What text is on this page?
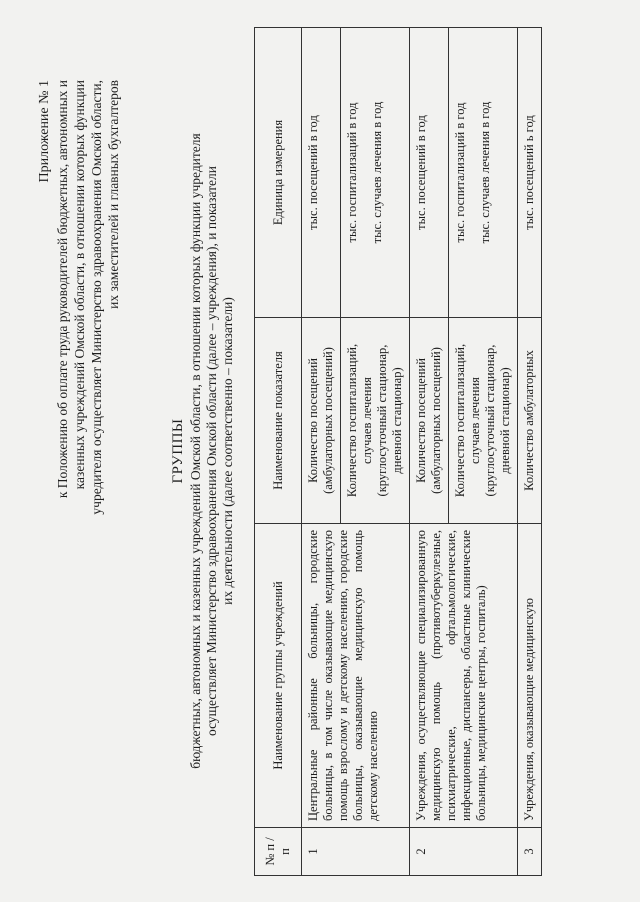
Приложение № 1 к Положению об оплате труда руководителей бюджетных, автономных и казенных учреждений Омской области, в отношении которых функции учредителя осуществляет Министерство здравоохранения Омской области, их заместителей и главных бухгалтеров
ГРУППЫ бюджетных, автономных и казенных учреждений Омской области, в отношении которых функции учредителя осуществляет Министерство здравоохранения Омской области (далее – учреждения), и показатели их деятельности (далее соответственно – показатели)
№ п /п	Наименование группы учреждений	Наименование показателя	Единица измерения
1	Центральные районные больницы, городские больницы, в том числе оказывающие медицинскую помощь взрослому и детскому населению, городские больницы, оказывающие медицинскую помощь детскому населению	Количество посещений (амбулаторных посещений)	тыс. посещений в год

		Количество госпитализаций, случаев лечения (круглосуточный стационар, дневной стационар)	тыс. госпитализаций в год тыс. случаев лечения в год

2	Учреждения, осуществляющие специализированную медицинскую помощь (противотуберкулезные, психиатрические, офтальмологические, инфекционные, диспансеры, областные клинические больницы, медицинские центры, госпиталь)	Количество посещений (амбулаторных посещений)	тыс. посещений в год

		Количество госпитализаций, случаев лечения (круглосуточный стационар, дневной стационар)	тыс. госпитализаций в год тыс. случаев лечения в год

3	Учреждения, оказывающие медицинскую	Количество амбулаторных	тыс. посещений ь год
